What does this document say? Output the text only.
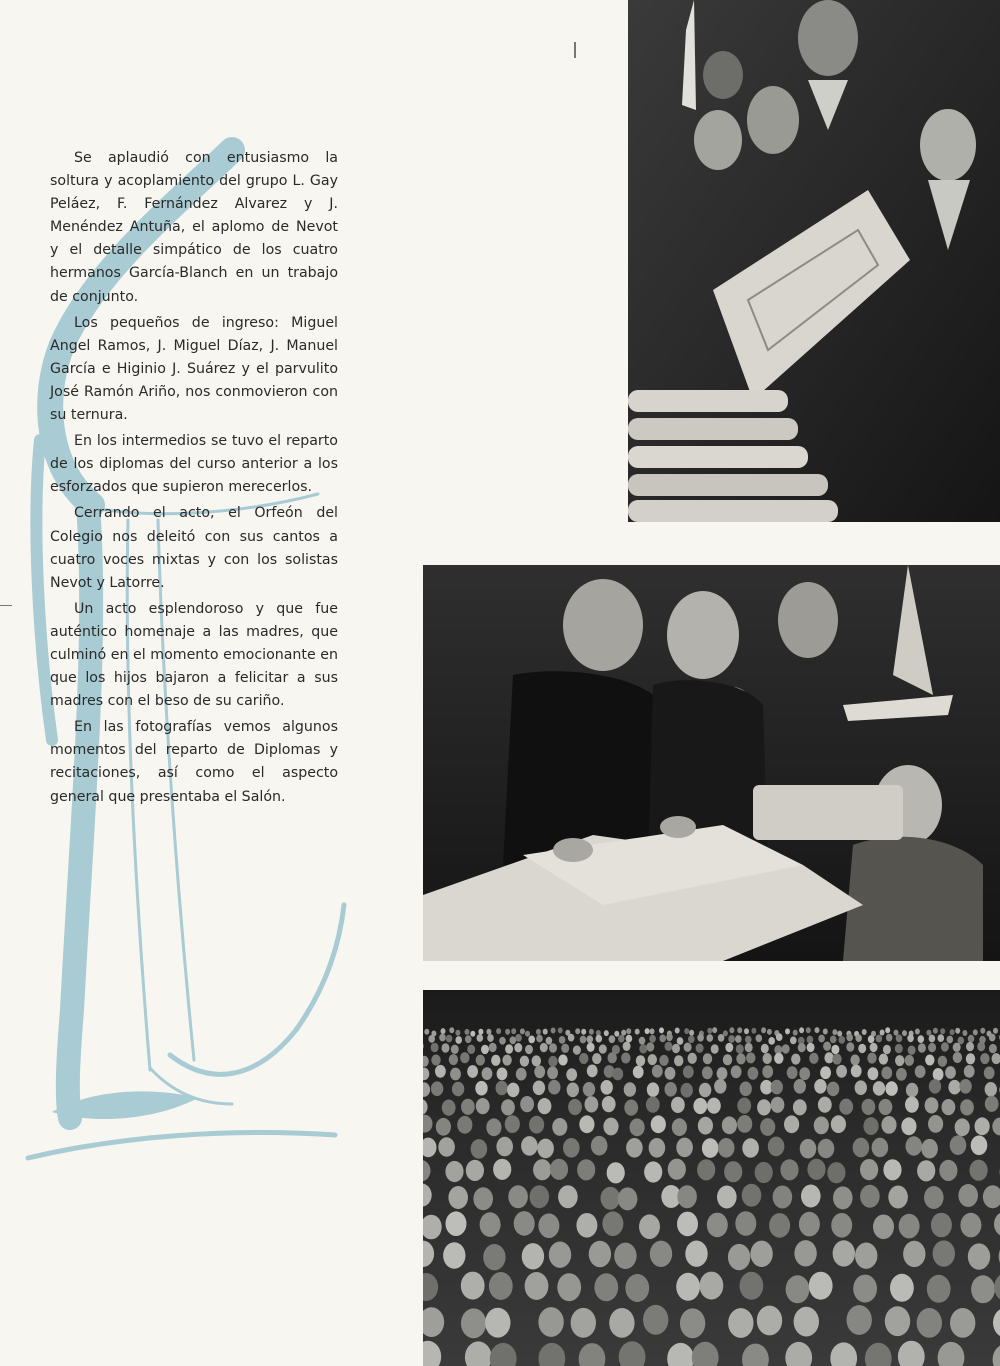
Se aplaudió con entusiasmo la soltura y acoplamiento del grupo L. Gay Peláez, F. Fernández Alvarez y J. Menéndez Antuña, el aplomo de Nevot y el detalle simpático de los cuatro hermanos García-Blanch en un trabajo de conjunto.

Los pequeños de ingreso: Miguel Angel Ramos, J. Miguel Díaz, J. Manuel García e Higinio J. Suárez y el parvulito José Ramón Ariño, nos conmovieron con su ternura.

En los intermedios se tuvo el reparto de los diplomas del curso anterior a los esforzados que supieron merecerlos.

Cerrando el acto, el Orfeón del Colegio nos deleitó con sus cantos a cuatro voces mixtas y con los solistas Nevot y Latorre.

Un acto esplendoroso y que fue auténtico homenaje a las madres, que culminó en el momento emocionante en que los hijos bajaron a felicitar a sus madres con el beso de su cariño.

En las fotografías vemos algunos momentos del reparto de Diplomas y recitaciones, así como el aspecto general que presentaba el Salón.
